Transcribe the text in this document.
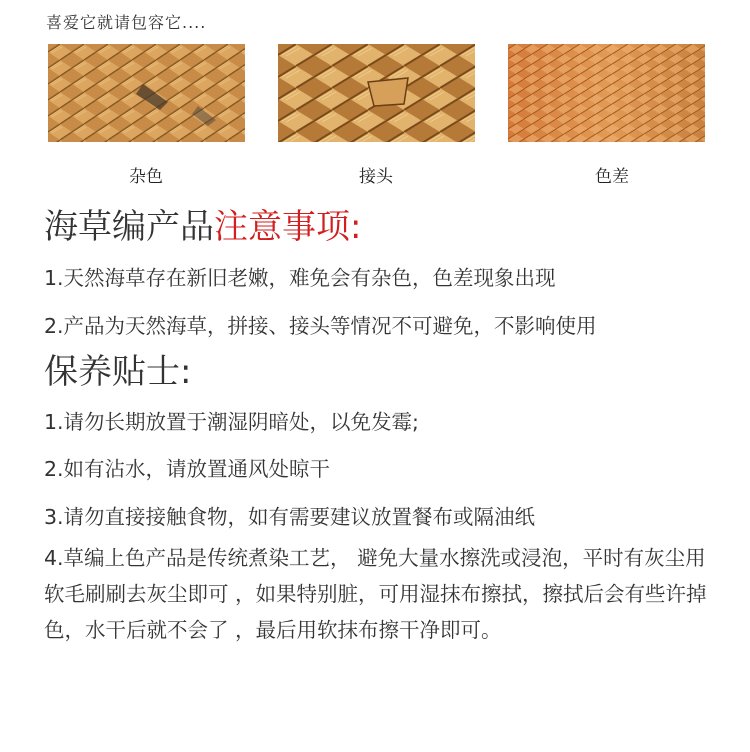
喜爱它就请包容它....
杂色	接头	色差
海草编产品注意事项:
1.天然海草存在新旧老嫩，难免会有杂色，色差现象出现
2.产品为天然海草，拼接、接头等情况不可避免，不影响使用
保养贴士:
1.请勿长期放置于潮湿阴暗处，以免发霉;
2.如有沾水，请放置通风处晾干
3.请勿直接接触食物，如有需要建议放置餐布或隔油纸
4.草编上色产品是传统煮染工艺， 避免大量水擦洗或浸泡，平时有灰尘用软毛刷刷去灰尘即可 ，如果特别脏，可用湿抹布擦拭，擦拭后会有些许掉色，水干后就不会了 ，最后用软抹布擦干净即可。
